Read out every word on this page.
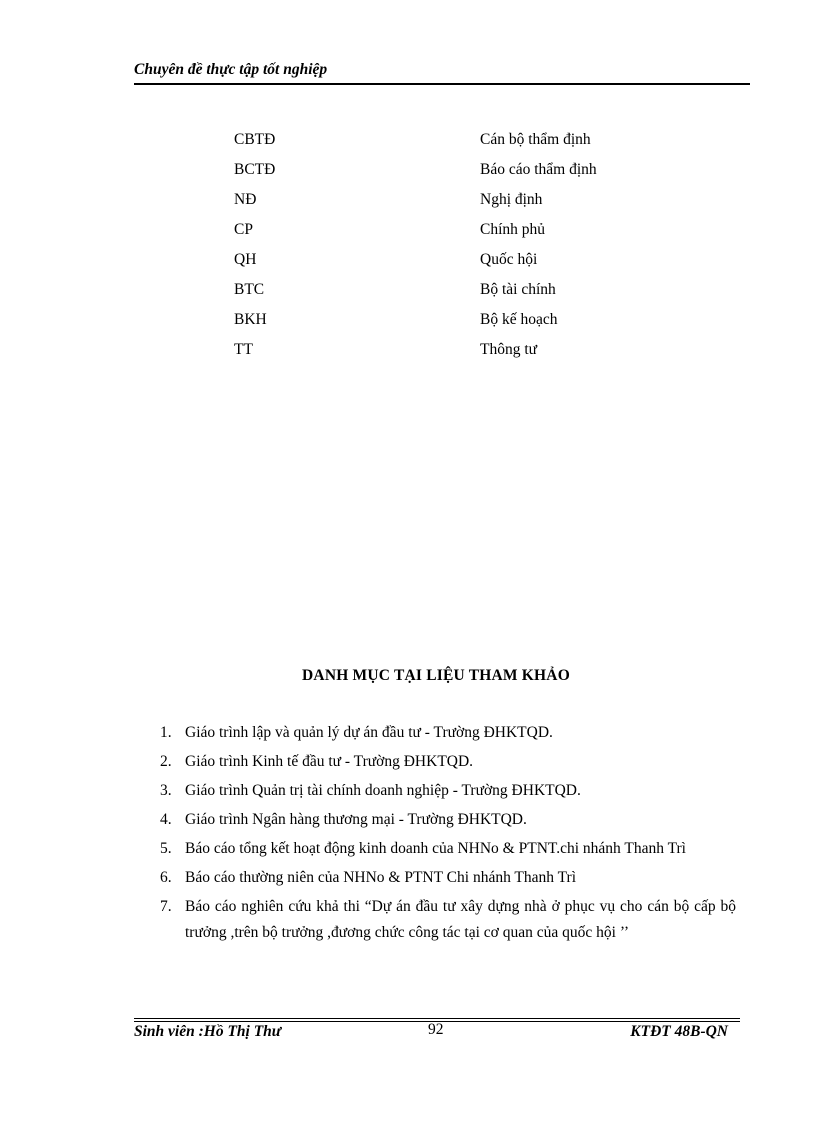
Chuyên đề thực tập tốt nghiệp
CBTĐ	Cán bộ thẩm định
BCTĐ	Báo cáo thẩm định
NĐ	Nghị định
CP	Chính phủ
QH	Quốc hội
BTC	Bộ tài chính
BKH	Bộ kế hoạch
TT	Thông tư
DANH MỤC TẠI LIỆU THAM KHẢO
1. Giáo trình lập và quản lý dự án đầu tư - Trường ĐHKTQD.
2. Giáo trình Kinh tế đầu tư - Trường ĐHKTQD.
3. Giáo trình Quản trị tài chính doanh nghiệp - Trường ĐHKTQD.
4. Giáo trình Ngân hàng thương mại - Trường ĐHKTQD.
5. Báo cáo tổng kết hoạt động kinh doanh của NHNo & PTNT.chi nhánh Thanh Trì
6. Báo cáo thường niên của NHNo & PTNT Chi nhánh Thanh Trì
7. Báo cáo nghiên cứu khả thi “Dự án đầu tư xây dựng nhà ở phục vụ cho cán bộ cấp bộ trưởng ,trên bộ trưởng ,đương chức công tác tại cơ quan của quốc hội ’’
Sinh viên :Hồ Thị Thư	92	KTĐT 48B-QN
